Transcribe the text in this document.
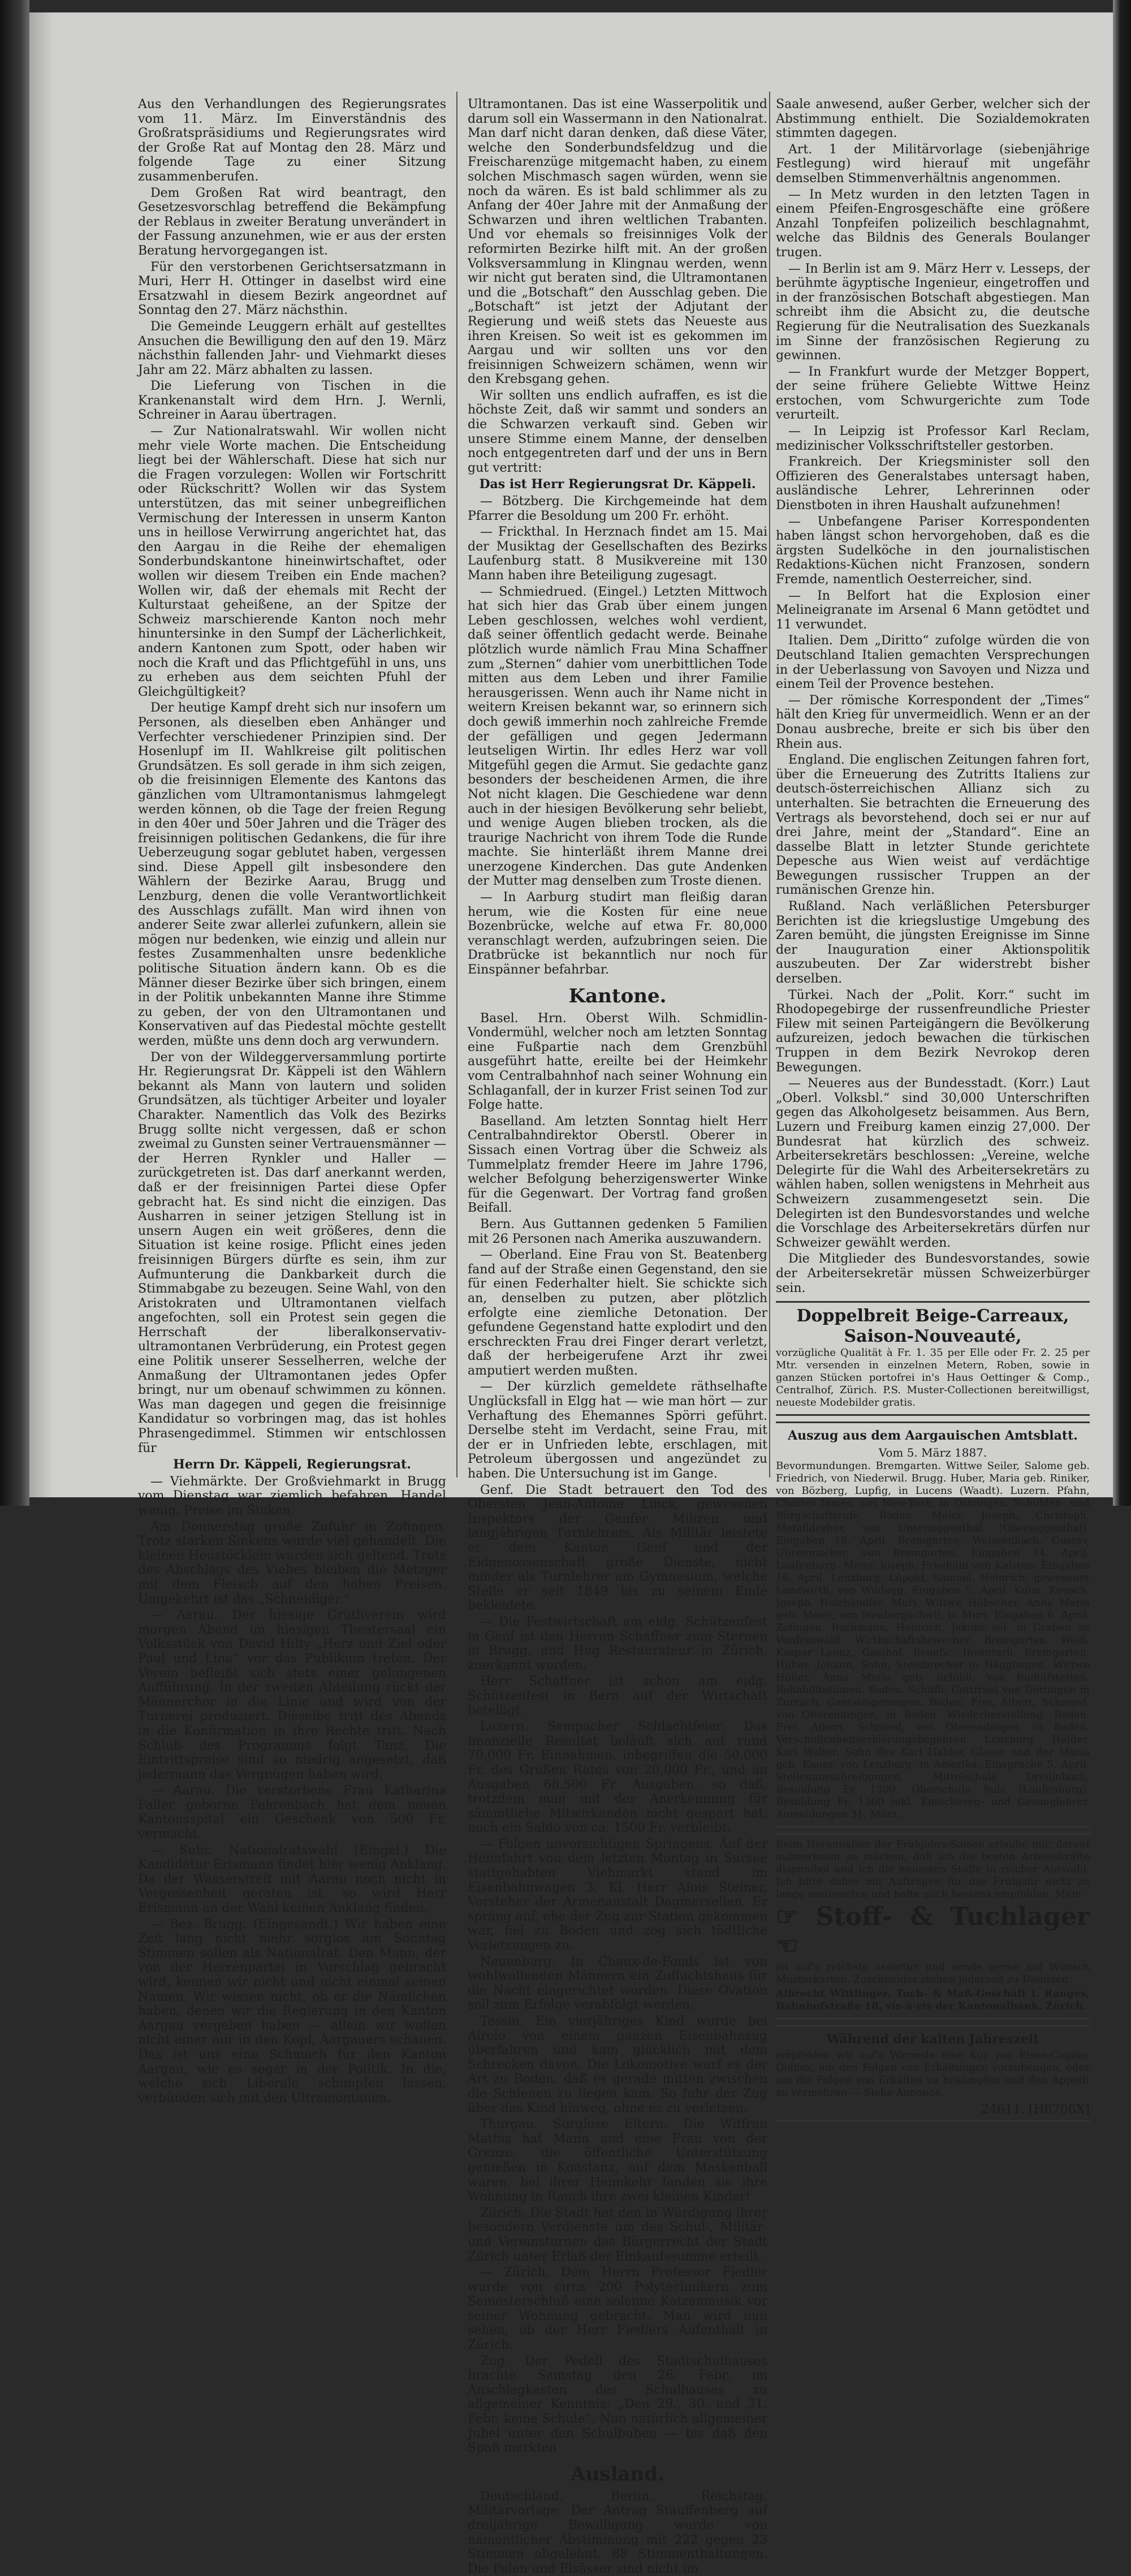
Aus den Verhandlungen des Regierungsrates vom 11. März. Im Einverständnis des Großratspräsidiums und Regierungsrates wird der Große Rat auf Montag den 28. März und folgende Tage zu einer Sitzung zusammenberufen.

Dem Großen Rat wird beantragt, den Gesetzesvorschlag betreffend die Bekämpfung der Reblaus in zweiter Beratung unverändert in der Fassung anzunehmen, wie er aus der ersten Beratung hervorgegangen ist.

Für den verstorbenen Gerichtsersatzmann in Muri, Herr H. Ottinger in daselbst wird eine Ersatzwahl in diesem Bezirk angeordnet auf Sonntag den 27. März nächsthin.

Die Gemeinde Leuggern erhält auf gestelltes Ansuchen die Bewilligung den auf den 19. März nächsthin fallenden Jahr- und Viehmarkt dieses Jahr am 22. März abhalten zu lassen.

Die Lieferung von Tischen in die Krankenanstalt wird dem Hrn. J. Wernli, Schreiner in Aarau übertragen.

— Zur Nationalratswahl. Wir wollen nicht mehr viele Worte machen. Die Entscheidung liegt bei der Wählerschaft. Diese hat sich nur die Fragen vorzulegen: Wollen wir Fortschritt oder Rückschritt? Wollen wir das System unterstützen, das mit seiner unbegreiflichen Vermischung der Interessen in unserm Kanton uns in heillose Verwirrung angerichtet hat, das den Aargau in die Reihe der ehemaligen Sonderbundskantone hineinwirtschaftet, oder wollen wir diesem Treiben ein Ende machen? Wollen wir, daß der ehemals mit Recht der Kulturstaat geheißene, an der Spitze der Schweiz marschierende Kanton noch mehr hinuntersinke in den Sumpf der Lächerlichkeit, andern Kantonen zum Spott, oder haben wir noch die Kraft und das Pflichtgefühl in uns, uns zu erheben aus dem seichten Pfuhl der Gleichgültigkeit?

Der heutige Kampf dreht sich nur insofern um Personen, als dieselben eben Anhänger und Verfechter verschiedener Prinzipien sind. Der Hosenlupf im II. Wahlkreise gilt politischen Grundsätzen. Es soll gerade in ihm sich zeigen, ob die freisinnigen Elemente des Kantons das gänzlichen vom Ultramontanismus lahmgelegt werden können, ob die Tage der freien Regung in den 40er und 50er Jahren und die Träger des freisinnigen politischen Gedankens, die für ihre Ueberzeugung sogar geblutet haben, vergessen sind. Diese Appell gilt insbesondere den Wählern der Bezirke Aarau, Brugg und Lenzburg, denen die volle Verantwortlichkeit des Ausschlags zufällt. Man wird ihnen von anderer Seite zwar allerlei zufunkern, allein sie mögen nur bedenken, wie einzig und allein nur festes Zusammenhalten unsre bedenkliche politische Situation ändern kann. Ob es die Männer dieser Bezirke über sich bringen, einem in der Politik unbekannten Manne ihre Stimme zu geben, der von den Ultramontanen und Konservativen auf das Piedestal möchte gestellt werden, müßte uns denn doch arg verwundern.

Der von der Wildeggerversammlung portirte Hr. Regierungsrat Dr. Käppeli ist den Wählern bekannt als Mann von lautern und soliden Grundsätzen, als tüchtiger Arbeiter und loyaler Charakter. Namentlich das Volk des Bezirks Brugg sollte nicht vergessen, daß er schon zweimal zu Gunsten seiner Vertrauensmänner — der Herren Rynkler und Haller — zurückgetreten ist. Das darf anerkannt werden, daß er der freisinnigen Partei diese Opfer gebracht hat. Es sind nicht die einzigen. Das Ausharren in seiner jetzigen Stellung ist in unsern Augen ein weit größeres, denn die Situation ist keine rosige. Pflicht eines jeden freisinnigen Bürgers dürfte es sein, ihm zur Aufmunterung die Dankbarkeit durch die Stimmabgabe zu bezeugen. Seine Wahl, von den Aristokraten und Ultramontanen vielfach angefochten, soll ein Protest sein gegen die Herrschaft der liberalkonservativ-ultramontanen Verbrüderung, ein Protest gegen eine Politik unserer Sesselherren, welche der Anmaßung der Ultramontanen jedes Opfer bringt, nur um obenauf schwimmen zu können. Was man dagegen und gegen die freisinnige Kandidatur so vorbringen mag, das ist hohles Phrasengedimmel. Stimmen wir entschlossen für

Herrn Dr. Käppeli, Regierungsrat.

— Viehmärkte. Der Großviehmarkt in Brugg vom Dienstag war ziemlich befahren. Handel wenig, Preise im Sinken.

Am Donnerstag große Zufuhr in Zofingen. Trotz starken Sinkens wurde viel gehandelt. Die kleinen Heustöcklein wurden sich geltend. Trotz des Abschlags des Viehes bleiben die Metzger mit dem Fleisch auf den hohen Preisen. Umgekehrt ist das „Schneidiger.“

— Aarau. Der hiesige Grütliverein wird morgen Abend im hiesigen Theatersaal ein Volksstück von David Hilty „Herz und Ziel oder Paul und Lina“ vor das Publikum treten. Der Verein befleißt sich stets einer gelungenen Aufführung. In der zweiten Abteilung rückt der Männerchor in die Linie und wird von der Turnerei produziert. Dieselbe tritt des Abends in die Konfirmation in ihre Rechte tritt. Nach Schluß des Programms folgt Tanz. Die Eintrittspreise sind so niedrig angesetzt, daß jedermann das Vergnügen haben wird.

— Aarau. Die verstorbene Frau Katharina Faller geborne Fehrenbach hat dem neuen Kantonsspital ein Geschenk von 500 Fr. vermacht.

— Suhr. Nationalratswahl (Eingel.) Die Kandidatur Erismann findet hier wenig Anklang. Da der Wasserstreit mit Aarau noch nicht in Vergessenheit geraten ist, so wird Herr Erismann an der Wahl keinen Anklang finden.

— Bez. Brugg. (Eingesandt.) Wir haben eine Zeit lang nicht mehr sorglos am Sonntag Stimmen sollen als Nationalrat. Den Mann, der von der Herrenpartei in Vorschlag gebracht wird, kennen wir nicht und nicht einmal seinen Namen. Wir wissen nicht, ob er die Nämlichen haben, denen wir die Regierung in den Kanton Aargau vergeben haben — allein wir wollen nicht einer nur in den Kopf, Aargauers schauen. Das ist uns eine Schmach für den Kanton Aargau, wie es sogar in der Politik. In die, welche sich Liberale schimpfen lassen, verbünden sich mit den Ultramontanen.

Ultramontanen. Das ist eine Wasserpolitik und darum soll ein Wassermann in den Nationalrat. Man darf nicht daran denken, daß diese Väter, welche den Sonderbundsfeldzug und die Freischarenzüge mitgemacht haben, zu einem solchen Mischmasch sagen würden, wenn sie noch da wären. Es ist bald schlimmer als zu Anfang der 40er Jahre mit der Anmaßung der Schwarzen und ihren weltlichen Trabanten. Und vor ehemals so freisinniges Volk der reformirten Bezirke hilft mit. An der großen Volksversammlung in Klingnau werden, wenn wir nicht gut beraten sind, die Ultramontanen und die „Botschaft“ den Ausschlag geben. Die „Botschaft“ ist jetzt der Adjutant der Regierung und weiß stets das Neueste aus ihren Kreisen. So weit ist es gekommen im Aargau und wir sollten uns vor den freisinnigen Schweizern schämen, wenn wir den Krebsgang gehen.

Wir sollten uns endlich aufraffen, es ist die höchste Zeit, daß wir sammt und sonders an die Schwarzen verkauft sind. Geben wir unsere Stimme einem Manne, der denselben noch entgegentreten darf und der uns in Bern gut vertritt:

Das ist Herr Regierungsrat Dr. Käppeli.

— Bötzberg. Die Kirchgemeinde hat dem Pfarrer die Besoldung um 200 Fr. erhöht.

— Frickthal. In Herznach findet am 15. Mai der Musiktag der Gesellschaften des Bezirks Laufenburg statt. 8 Musikvereine mit 130 Mann haben ihre Beteiligung zugesagt.

— Schmiedrued. (Eingel.) Letzten Mittwoch hat sich hier das Grab über einem jungen Leben geschlossen, welches wohl verdient, daß seiner öffentlich gedacht werde. Beinahe plötzlich wurde nämlich Frau Mina Schaffner zum „Sternen“ dahier vom unerbittlichen Tode mitten aus dem Leben und ihrer Familie herausgerissen. Wenn auch ihr Name nicht in weitern Kreisen bekannt war, so erinnern sich doch gewiß immerhin noch zahlreiche Fremde der gefälligen und gegen Jedermann leutseligen Wirtin. Ihr edles Herz war voll Mitgefühl gegen die Armut. Sie gedachte ganz besonders der bescheidenen Armen, die ihre Not nicht klagen. Die Geschiedene war denn auch in der hiesigen Bevölkerung sehr beliebt, und wenige Augen blieben trocken, als die traurige Nachricht von ihrem Tode die Runde machte. Sie hinterläßt ihrem Manne drei unerzogene Kinderchen. Das gute Andenken der Mutter mag denselben zum Troste dienen.

— In Aarburg studirt man fleißig daran herum, wie die Kosten für eine neue Bozenbrücke, welche auf etwa Fr. 80,000 veranschlagt werden, aufzubringen seien. Die Dratbrücke ist bekanntlich nur noch für Einspänner befahrbar.

Kantone.

Basel. Hrn. Oberst Wilh. Schmidlin-Vondermühl, welcher noch am letzten Sonntag eine Fußpartie nach dem Grenzbühl ausgeführt hatte, ereilte bei der Heimkehr vom Centralbahnhof nach seiner Wohnung ein Schlaganfall, der in kurzer Frist seinen Tod zur Folge hatte.

Baselland. Am letzten Sonntag hielt Herr Centralbahndirektor Oberstl. Oberer in Sissach einen Vortrag über die Schweiz als Tummelplatz fremder Heere im Jahre 1796, welcher Befolgung beherzigenswerter Winke für die Gegenwart. Der Vortrag fand großen Beifall.

Bern. Aus Guttannen gedenken 5 Familien mit 26 Personen nach Amerika auszuwandern.

— Oberland. Eine Frau von St. Beatenberg fand auf der Straße einen Gegenstand, den sie für einen Federhalter hielt. Sie schickte sich an, denselben zu putzen, aber plötzlich erfolgte eine ziemliche Detonation. Der gefundene Gegenstand hatte explodirt und den erschreckten Frau drei Finger derart verletzt, daß der herbeigerufene Arzt ihr zwei amputiert werden mußten.

— Der kürzlich gemeldete räthselhafte Unglücksfall in Elgg hat — wie man hört — zur Verhaftung des Ehemannes Spörri geführt. Derselbe steht im Verdacht, seine Frau, mit der er in Unfrieden lebte, erschlagen, mit Petroleum übergossen und angezündet zu haben. Die Untersuchung ist im Gange.

Genf. Die Stadt betrauert den Tod des Obersten Jean-Antoine Linck, gewesenen Inspektors der Genfer Milizen und langjährigen Turnlehrers. Als Militär leistete er dem Kanton Genf und der Eidgenossenschaft große Dienste, nicht minder als Turnlehrer am Gymnasium, welche Stelle er seit 1849 bis zu seinem Ende bekleidete.

— Die Festwirtschaft am eidg. Schützenfest in Genf ist den Herren Schaffner zum Sternen in Brugg, und Hug Restaurateur in Zürich, zuerkannt worden.

Herr Schaffner ist schon am eidg. Schützenfest in Bern auf der Wirtschaft beteiligt.

Luzern. Sempacher Schlachtfeier. Das finanzielle Resultat beläuft sich auf rund 70,000 Fr. Einnahmen, inbegriffen die 50,000 Fr. des Großen Rates von 20,000 Fr., und an Ausgaben 68,500 Fr. Ausgaben, so daß, trotzdem man mit der Anerkennung für sämmtliche Mitwirkenden nicht gespart hat, noch ein Saldo von ca. 1500 Fr. verbleibt.

— Folgen unvorsichtigen Springens. Auf der Heimfahrt von dem letzten Montag in Sursee stattgehabten Viehmarkt stand im Eisenbahnwagen 3. Kl. Herr Alois Steiner, Vorsteher der Armenanstalt Dagmersellen. Er sprang auf, ehe der Zug zur Station gekommen war, fiel zu Boden und zog sich tödtliche Verletzungen zu.

Neuenburg. In Chaux-de-Fonds ist von wohlwollenden Männern ein Zufluchtshaus für die Nacht eingerichtet worden. Diese Ovation soll zum Erfolge verabfolgt werden.

Tessin. Ein vierjähriges Kind wurde bei Airolo von einem ganzen Eisenbahnzug überfahren und kam glücklich mit dem Schrecken davon. Die Lokomotive warf es der Art zu Boden, daß es gerade mitten zwischen die Schienen zu liegen kam. So fuhr der Zug über das Kind hinweg, ohne es zu verletzen.

Thurgau. Sorglose Eltern. Die Witfrau Mathis hat Mann und eine Frau von der Grenze, die öffentliche Unterstützung genießen in Konstanz, auf dem Maskenball waren, bei ihrer Heimkehr fanden sie ihre Wohnung in Rauch ihre zwei kleinen Kinder!

Zürich. Die Stadt hat den in Würdigung ihrer besondern Verdienste um das Schul-, Militär- und Vereinsturnen das Bürgerrecht der Stadt Zürich unter Erlaß der Einkaufssumme erteilt.

— Zürich. Dem Herrn Professor Fiedler wurde von circa 200 Polytechnikern zum Semesterschluß eine solenne Katzenmusik vor seiner Wohnung gebracht. Man wird nun sehen, ob der Herr Fiedlers Aufenthalt in Zürich.

Zug. Der Pedell des Stadtschulhauses brachte Samstag den 26. Febr. im Anschlagkasten des Schulhauses zu allgemeiner Kenntnis: „Den 29., 30. und 31. Febr. keine Schule“. Nun natürlich allgemeiner Jubel unter den Schulbuben — bis daß den Spaß merkten

Ausland.

Deutschland. Berlin. Reichstag. Militärvorlage. Der Antrag Stauffenberg auf dreijährige Bewilligung wurde von namentlicher Abstimmung mit 222 gegen 23 Stimmen abgelehnt. 88 Stimmenthaltungen. Die Polen und Elsässer sind nicht im

Saale anwesend, außer Gerber, welcher sich der Abstimmung enthielt. Die Sozialdemokraten stimmten dagegen.

Art. 1 der Militärvorlage (siebenjährige Festlegung) wird hierauf mit ungefähr demselben Stimmenverhältnis angenommen.

— In Metz wurden in den letzten Tagen in einem Pfeifen-Engrosgeschäfte eine größere Anzahl Tonpfeifen polizeilich beschlagnahmt, welche das Bildnis des Generals Boulanger trugen.

— In Berlin ist am 9. März Herr v. Lesseps, der berühmte ägyptische Ingenieur, eingetroffen und in der französischen Botschaft abgestiegen. Man schreibt ihm die Absicht zu, die deutsche Regierung für die Neutralisation des Suezkanals im Sinne der französischen Regierung zu gewinnen.

— In Frankfurt wurde der Metzger Boppert, der seine frühere Geliebte Wittwe Heinz erstochen, vom Schwurgerichte zum Tode verurteilt.

— In Leipzig ist Professor Karl Reclam, medizinischer Volksschriftsteller gestorben.

Frankreich. Der Kriegsminister soll den Offizieren des Generalstabes untersagt haben, ausländische Lehrer, Lehrerinnen oder Dienstboten in ihren Haushalt aufzunehmen!

— Unbefangene Pariser Korrespondenten haben längst schon hervorgehoben, daß es die ärgsten Sudelköche in den journalistischen Redaktions-Küchen nicht Franzosen, sondern Fremde, namentlich Oesterreicher, sind.

— In Belfort hat die Explosion einer Melineigranate im Arsenal 6 Mann getödtet und 11 verwundet.

Italien. Dem „Diritto“ zufolge würden die von Deutschland Italien gemachten Versprechungen in der Ueberlassung von Savoyen und Nizza und einem Teil der Provence bestehen.

— Der römische Korrespondent der „Times“ hält den Krieg für unvermeidlich. Wenn er an der Donau ausbreche, breite er sich bis über den Rhein aus.

England. Die englischen Zeitungen fahren fort, über die Erneuerung des Zutritts Italiens zur deutsch-österreichischen Allianz sich zu unterhalten. Sie betrachten die Erneuerung des Vertrags als bevorstehend, doch sei er nur auf drei Jahre, meint der „Standard“. Eine an dasselbe Blatt in letzter Stunde gerichtete Depesche aus Wien weist auf verdächtige Bewegungen russischer Truppen an der rumänischen Grenze hin.

Rußland. Nach verläßlichen Petersburger Berichten ist die kriegslustige Umgebung des Zaren bemüht, die jüngsten Ereignisse im Sinne der Inauguration einer Aktionspolitik auszubeuten. Der Zar widerstrebt bisher derselben.

Türkei. Nach der „Polit. Korr.“ sucht im Rhodopegebirge der russenfreundliche Priester Filew mit seinen Parteigängern die Bevölkerung aufzureizen, jedoch bewachen die türkischen Truppen in dem Bezirk Nevrokop deren Bewegungen.

— Neueres aus der Bundesstadt. (Korr.) Laut „Oberl. Volksbl.“ sind 30,000 Unterschriften gegen das Alkoholgesetz beisammen. Aus Bern, Luzern und Freiburg kamen einzig 27,000. Der Bundesrat hat kürzlich des schweiz. Arbeitersekretärs beschlossen: „Vereine, welche Delegirte für die Wahl des Arbeitersekretärs zu wählen haben, sollen wenigstens in Mehrheit aus Schweizern zusammengesetzt sein. Die Delegirten ist den Bundesvorstandes und welche die Vorschlage des Arbeitersekretärs dürfen nur Schweizer gewählt werden.

Die Mitglieder des Bundesvorstandes, sowie der Arbeitersekretär müssen Schweizerbürger sein.

Doppelbreit Beige-Carreaux, Saison-Nouveauté,

vorzügliche Qualität à Fr. 1. 35 per Elle oder Fr. 2. 25 per Mtr. versenden in einzelnen Metern, Roben, sowie in ganzen Stücken portofrei in's Haus Oettinger & Comp., Centralhof, Zürich. P.S. Muster-Collectionen bereitwilligst, neueste Modebilder gratis.

Auszug aus dem Aargauischen Amtsblatt.
Vom 5. März 1887.

Bevormundungen. Bremgarten. Wittwe Seiler, Salome geb. Friedrich, von Niederwil. Brugg. Huber, Maria geb. Riniker, von Bözberg, Lupfig, in Lucens (Waadt). Luzern. Pfahn, Charles James, aus New-York, in Ostringen. Schulden- und Bürgschaftsrufe. Baden. Meier, Joseph, Christoph, Metalldreher, von Untersiggenthal (Obersiggenthal). Eingaben 16. April. Bremgarten. Weissenbach, Gustav, Uhrenmacher, von Bremgarten. Eingaben 14. April. Laufenburg. Meier, Joseph, Friedolin von Kaisten. Eingaben 16. April. Lenzburg. Lüpold, Samuel, Heinrich, gewesener Landwirth, von Wildegg. Eingaben 5. April. Kulm. Keusch, Joseph, Holzhändler. Muri. Wittwe Hübscher, Anna Maria geb. Meier, von Isenbergschwil, in Muri. Eingaben 6. April. Zofingen. Bachmann, Heinrich, Jakobs sel. in Graben zu Vordemwald. Wirthschaftsbewerber. Bremgarten. Weiß, Kaspar Leonz, Gasthof. Benefic. Inventarii. Bremgarten. Huber, Johann, Sohn, Steinbrecher in Hägglingen. Wittwe Hüßer, Anna Maria geb. Schibli, von Rudolfstetten. Rehabilitationen. Baden. Schiffli, Gottfried von Döttingen in Zurzach. Gantsteigerungen. Baden. Frei, Albert, Schmied, von Oberendingen, in Baden. Wiederherstellung. Baden. Frei, Albert, Schmied, von Oberendingen, in Baden. Verschollenheitserklärungsbegehren. Lenzburg. Halder, Karl Walter, Sohn des Karl Halder, Glaser und der Maria geb. Kauer, von Lenzburg, in Amerika. Einsprache 5. April. Stellenausschreibungen. Mittelschule Dreilinbach, Besoldung Fr. 1300. Oberschule Sulz (Laufenburg). Besoldung Fr. 1300 inkl. Katechesen- und Gesanglehrer. Anmeldungen 31. März.

Beim Herannahen der Frühjahrs-Saison erlaube mir, darauf aufmerksam zu machen, daß ich die besten Arbeitskräfte disponibel und ich die neuesten Stoffe in reicher Auswahl. Ich bitte daher mit Aufträgen für das Frühjahr nicht zu lange zuzuwarten und halte mich bestens empfohlen. Mein

☞ Stoff- & Tuchlager ☜

ist auf's reichste assortirt und sende gerne auf Wunsch Musterkarten. Zuschneider stehen jederzeit zu Diensten.

Albrecht Wittlinger, Tuch- & Maß-Geschäft I. Ranges, Bahnhofstraße 18, vis-à-vis der Kantonalbank, Zürich.

Während der kalten Jahreszeit

empfehlen wir auf's Wärmste eine Kur von Eisen-Cognac Golliez, um den Folgen von Erkältungen vorzubeugen, oder um die Folgen von Erkälten zu bekämpfen und den Appetit zu vermehren — Siehe Annonce.

24611. [H8706X]
